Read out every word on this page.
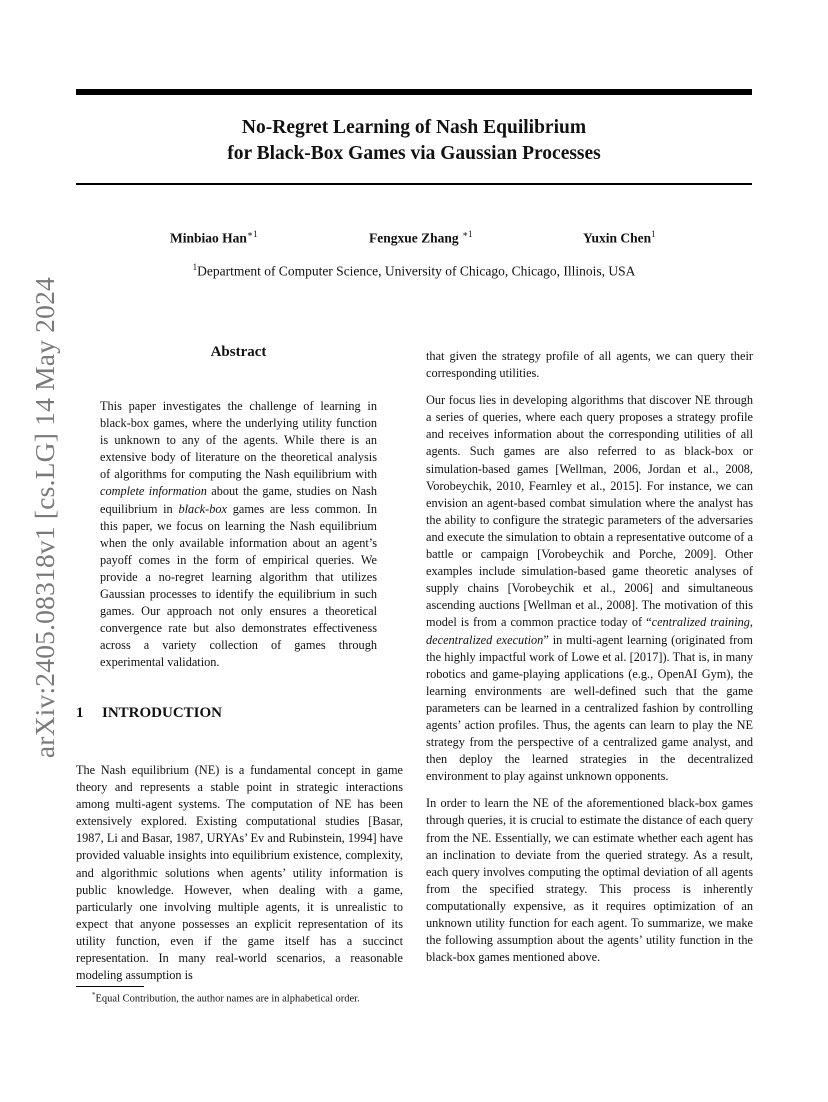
No-Regret Learning of Nash Equilibrium
for Black-Box Games via Gaussian Processes
Minbiao Han$^{∗1}$	Fengxue Zhang $^{∗1}$	Yuxin Chen$^1$
$^1$Department of Computer Science, University of Chicago, Chicago, Illinois, USA
arXiv:2405.08318v1 [cs.LG] 14 May 2024	Abstract

This paper investigates the challenge of learning in black-box games, where the underlying utility function is unknown to any of the agents. While there is an extensive body of literature on the theoretical analysis of algorithms for computing the Nash equilibrium with complete information about the game, studies on Nash equilibrium in black-box games are less common. In this paper, we focus on learning the Nash equilibrium when the only available information about an agent’s payoff comes in the form of empirical queries. We provide a no-regret learning algorithm that utilizes Gaussian processes to identify the equilibrium in such games. Our approach not only ensures a theoretical convergence rate but also demonstrates effectiveness across a variety collection of games through experimental validation.

1 INTRODUCTION

The Nash equilibrium (NE) is a fundamental concept in game theory and represents a stable point in strategic interactions among multi-agent systems. The computation of NE has been extensively explored. Existing computational studies [Basar, 1987, Li and Basar, 1987, URYAs’ Ev and Rubinstein, 1994] have provided valuable insights into equilibrium existence, complexity, and algorithmic solutions when agents’ utility information is public knowledge. However, when dealing with a game, particularly one involving multiple agents, it is unrealistic to expect that anyone possesses an explicit representation of its utility function, even if the game itself has a succinct representation. In many real-world scenarios, a reasonable modeling assumption is

*Equal Contribution, the author names are in alphabetical order.

that given the strategy profile of all agents, we can query their corresponding utilities.

Our focus lies in developing algorithms that discover NE through a series of queries, where each query proposes a strategy profile and receives information about the corresponding utilities of all agents. Such games are also referred to as black-box or simulation-based games [Wellman, 2006, Jordan et al., 2008, Vorobeychik, 2010, Fearnley et al., 2015]. For instance, we can envision an agent-based combat simulation where the analyst has the ability to configure the strategic parameters of the adversaries and execute the simulation to obtain a representative outcome of a battle or campaign [Vorobeychik and Porche, 2009]. Other examples include simulation-based game theoretic analyses of supply chains [Vorobeychik et al., 2006] and simultaneous ascending auctions [Wellman et al., 2008]. The motivation of this model is from a common practice today of “centralized training, decentralized execution” in multi-agent learning (originated from the highly impactful work of Lowe et al. [2017]). That is, in many robotics and game-playing applications (e.g., OpenAI Gym), the learning environments are well-defined such that the game parameters can be learned in a centralized fashion by controlling agents’ action profiles. Thus, the agents can learn to play the NE strategy from the perspective of a centralized game analyst, and then deploy the learned strategies in the decentralized environment to play against unknown opponents.

In order to learn the NE of the aforementioned black-box games through queries, it is crucial to estimate the distance of each query from the NE. Essentially, we can estimate whether each agent has an inclination to deviate from the queried strategy. As a result, each query involves computing the optimal deviation of all agents from the specified strategy. This process is inherently computationally expensive, as it requires optimization of an unknown utility function for each agent. To summarize, we make the following assumption about the agents’ utility function in the black-box games mentioned above.
